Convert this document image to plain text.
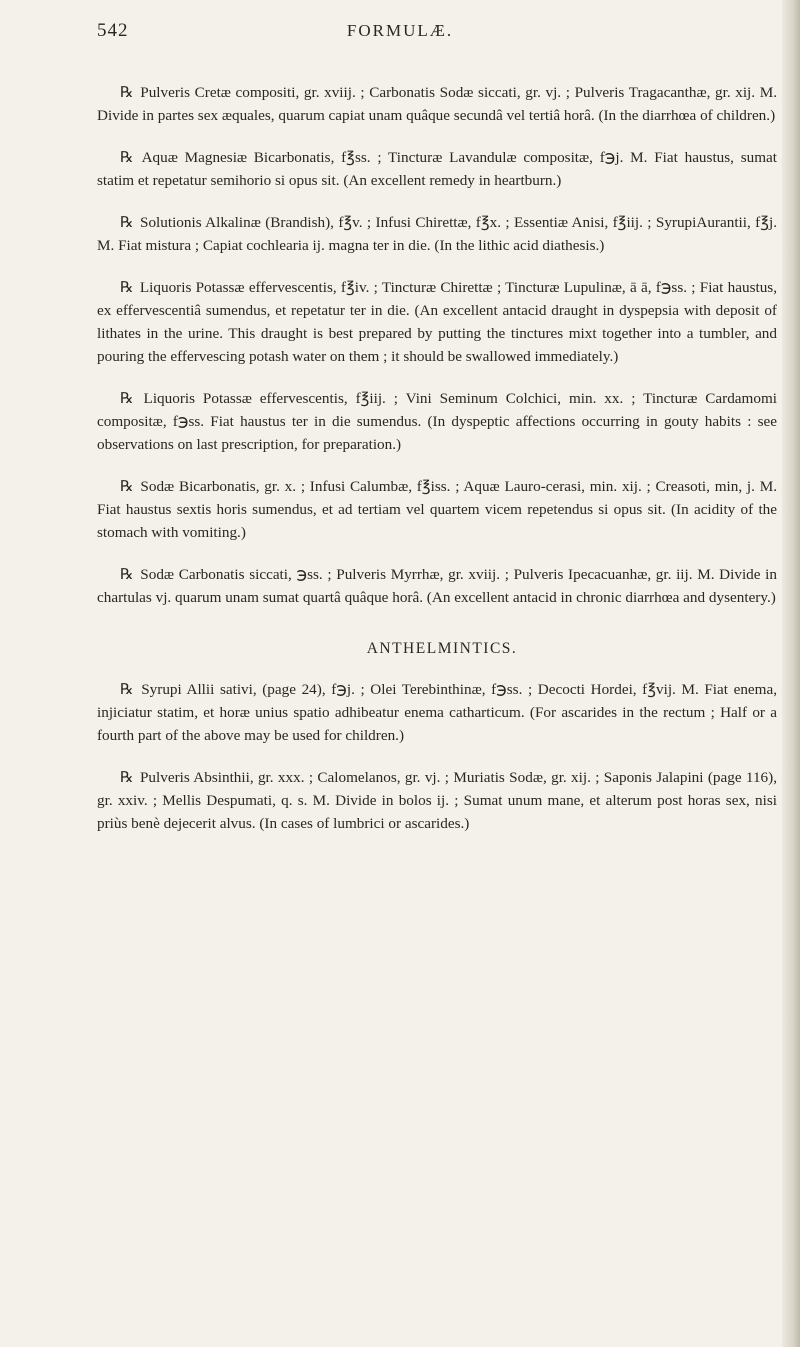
542	FORMULÆ.

℞ Pulveris Cretæ compositi, gr. xviij. ; Carbonatis Sodæ siccati, gr. vj. ; Pulveris Tragacanthæ, gr. xij. M. Divide in partes sex æquales, quarum capiat unam quâque secundâ vel tertiâ horâ. (In the diarrhœa of children.)

℞ Aquæ Magnesiæ Bicarbonatis, f℥ss. ; Tincturæ Lavandulæ compositæ, f℈j. M. Fiat haustus, sumat statim et repetatur semihorio si opus sit. (An excellent remedy in heartburn.)

℞ Solutionis Alkalinæ (Brandish), f℥v. ; Infusi Chirettæ, f℥x. ; Essentiæ Anisi, f℥iij. ; SyrupiAurantii, f℥j. M. Fiat mistura ; Capiat cochlearia ij. magna ter in die. (In the lithic acid diathesis.)

℞ Liquoris Potassæ effervescentis, f℥iv. ; Tincturæ Chirettæ ; Tincturæ Lupulinæ, ā ā, f℈ss. ; Fiat haustus, ex effervescentiâ sumendus, et repetatur ter in die. (An excellent antacid draught in dyspepsia with deposit of lithates in the urine. This draught is best prepared by putting the tinctures mixt together into a tumbler, and pouring the effervescing potash water on them ; it should be swallowed immediately.)

℞ Liquoris Potassæ effervescentis, f℥iij. ; Vini Seminum Colchici, min. xx. ; Tincturæ Cardamomi compositæ, f℈ss. Fiat haustus ter in die sumendus. (In dyspeptic affections occurring in gouty habits : see observations on last prescription, for preparation.)

℞ Sodæ Bicarbonatis, gr. x. ; Infusi Calumbæ, f℥iss. ; Aquæ Lauro-cerasi, min. xij. ; Creasoti, min, j. M. Fiat haustus sextis horis sumendus, et ad tertiam vel quartem vicem repetendus si opus sit. (In acidity of the stomach with vomiting.)

℞ Sodæ Carbonatis siccati, ℈ss. ; Pulveris Myrrhæ, gr. xviij. ; Pulveris Ipecacuanhæ, gr. iij. M. Divide in chartulas vj. quarum unam sumat quartâ quâque horâ. (An excellent antacid in chronic diarrhœa and dysentery.)

ANTHELMINTICS.

℞ Syrupi Allii sativi, (page 24), f℈j. ; Olei Terebinthinæ, f℈ss. ; Decocti Hordei, f℥vij. M. Fiat enema, injiciatur statim, et horæ unius spatio adhibeatur enema catharticum. (For ascarides in the rectum ; Half or a fourth part of the above may be used for children.)

℞ Pulveris Absinthii, gr. xxx. ; Calomelanos, gr. vj. ; Muriatis Sodæ, gr. xij. ; Saponis Jalapini (page 116), gr. xxiv. ; Mellis Despumati, q. s. M. Divide in bolos ij. ; Sumat unum mane, et alterum post horas sex, nisi priùs benè dejecerit alvus. (In cases of lumbrici or ascarides.)
